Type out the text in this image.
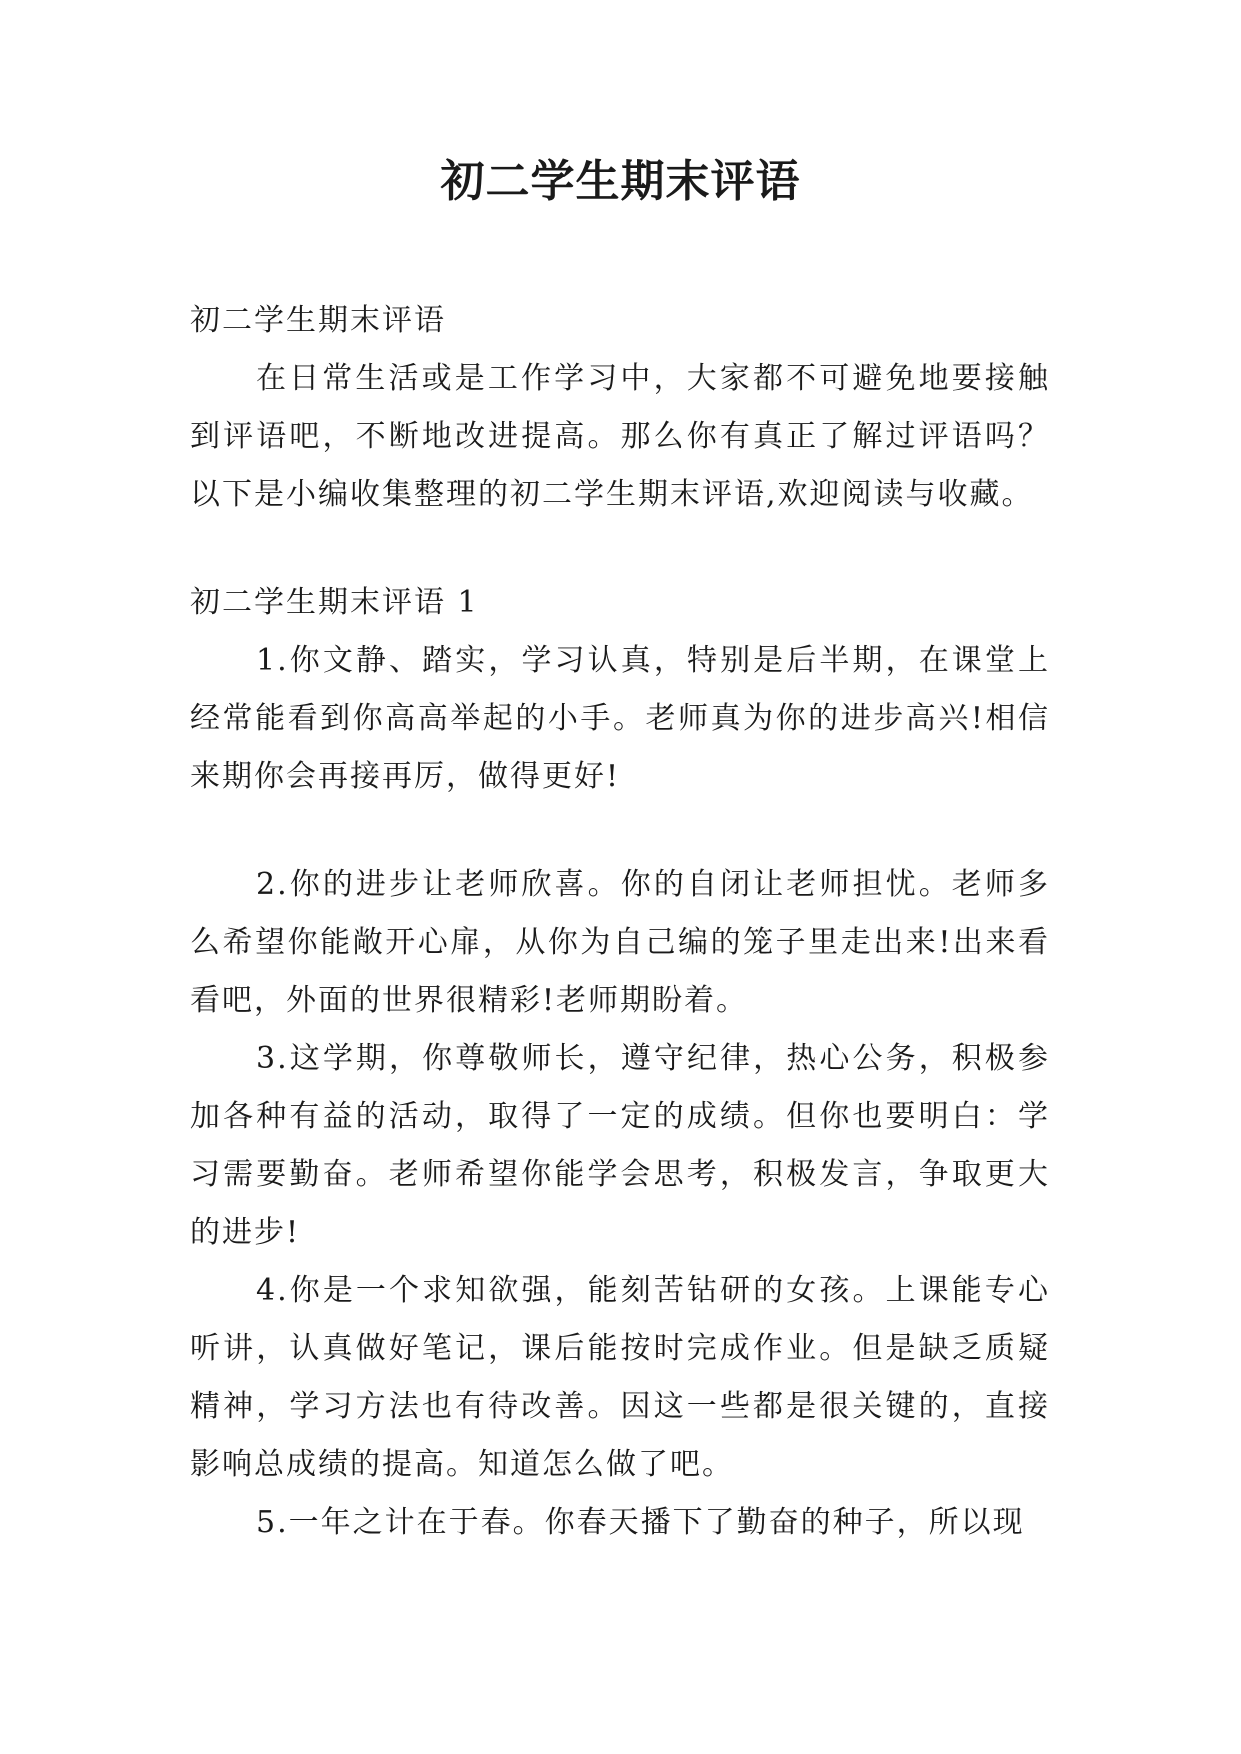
初二学生期末评语

初二学生期末评语

在日常生活或是工作学习中，大家都不可避免地要接触到评语吧，不断地改进提高。那么你有真正了解过评语吗？以下是小编收集整理的初二学生期末评语,欢迎阅读与收藏。

初二学生期末评语 1

1.你文静、踏实，学习认真，特别是后半期，在课堂上经常能看到你高高举起的小手。老师真为你的进步高兴!相信来期你会再接再厉，做得更好!

2.你的进步让老师欣喜。你的自闭让老师担忧。老师多么希望你能敞开心扉，从你为自己编的笼子里走出来!出来看看吧，外面的世界很精彩!老师期盼着。

3.这学期，你尊敬师长，遵守纪律，热心公务，积极参加各种有益的活动，取得了一定的成绩。但你也要明白：学习需要勤奋。老师希望你能学会思考，积极发言，争取更大的进步!

4.你是一个求知欲强，能刻苦钻研的女孩。上课能专心听讲，认真做好笔记，课后能按时完成作业。但是缺乏质疑精神，学习方法也有待改善。因这一些都是很关键的，直接影响总成绩的提高。知道怎么做了吧。

5.一年之计在于春。你春天播下了勤奋的种子，所以现
